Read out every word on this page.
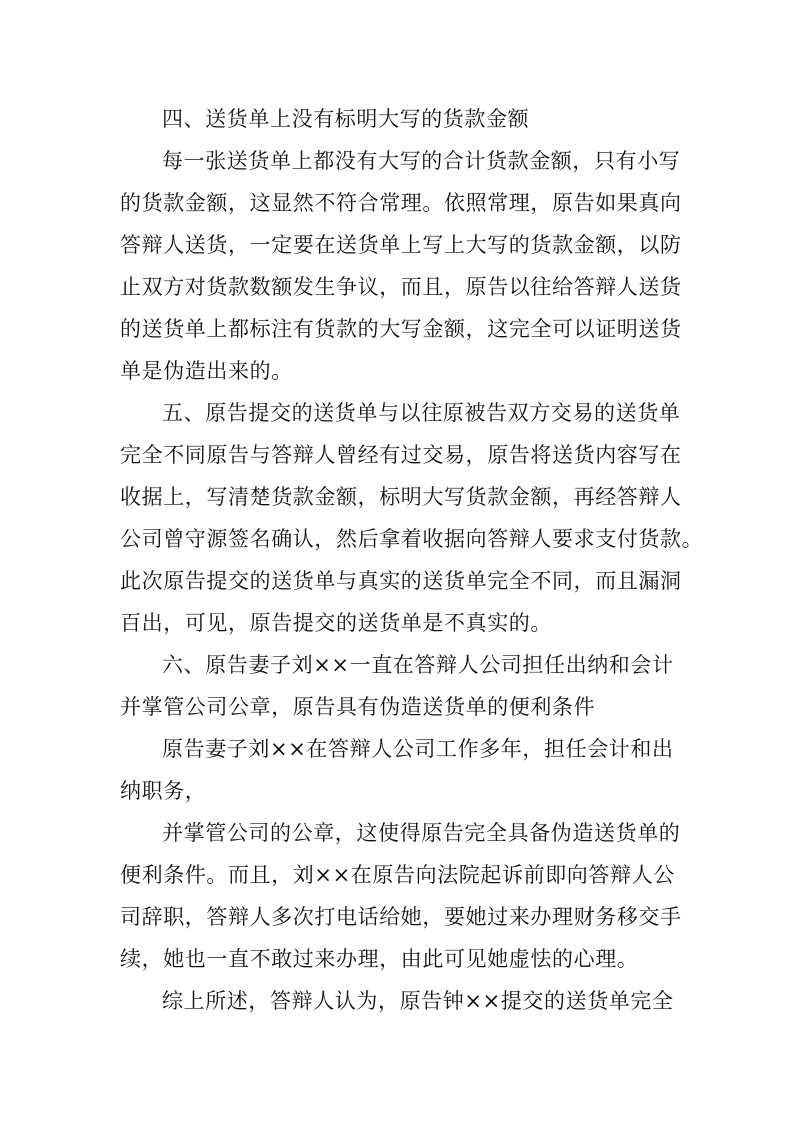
四、送货单上没有标明大写的货款金额
每一张送货单上都没有大写的合计货款金额，只有小写
的货款金额，这显然不符合常理。依照常理，原告如果真向
答辩人送货，一定要在送货单上写上大写的货款金额，以防
止双方对货款数额发生争议，而且，原告以往给答辩人送货
的送货单上都标注有货款的大写金额，这完全可以证明送货
单是伪造出来的。
五、原告提交的送货单与以往原被告双方交易的送货单
完全不同原告与答辩人曾经有过交易，原告将送货内容写在
收据上，写清楚货款金额，标明大写货款金额，再经答辩人
公司曾守源签名确认，然后拿着收据向答辩人要求支付货款。
此次原告提交的送货单与真实的送货单完全不同，而且漏洞
百出，可见，原告提交的送货单是不真实的。
六、原告妻子刘××一直在答辩人公司担任出纳和会计
并掌管公司公章，原告具有伪造送货单的便利条件
原告妻子刘××在答辩人公司工作多年，担任会计和出
纳职务，
并掌管公司的公章，这使得原告完全具备伪造送货单的
便利条件。而且，刘××在原告向法院起诉前即向答辩人公
司辞职，答辩人多次打电话给她，要她过来办理财务移交手
续，她也一直不敢过来办理，由此可见她虚怯的心理。
综上所述，答辩人认为，原告钟××提交的送货单完全
